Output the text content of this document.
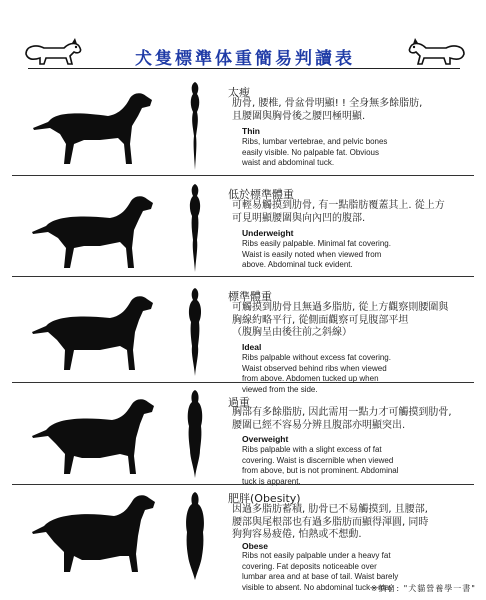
犬隻標準体重簡易判讀表
太瘦
肋骨, 腰椎, 骨盆骨明顯! ! 全身無多餘脂肪,
且腰圍與胸骨後之腰凹極明顯.
Thin
Ribs, lumbar vertebrae, and pelvic bones
easily visible. No palpable fat. Obvious
waist and abdominal tuck.
低於標準體重
可輕易觸摸到肋骨, 有一點脂肪覆蓋其上. 從上方
可見明顯腰圍與向內凹的腹部.
Underweight
Ribs easily palpable. Minimal fat covering.
Waist is easily noted when viewed from
above. Abdominal tuck evident.
標準體重
可觸摸到肋骨且無過多脂肪, 從上方觀察則腰圍與
胸線約略平行, 從側面觀察可見腹部平坦
（腹胸呈由後往前之斜線）
Ideal
Ribs palpable without excess fat covering.
Waist observed behind ribs when viewed
from above. Abdomen tucked up when
viewed from the side.
過重
胸部有多餘脂肪, 因此需用一點力才可觸摸到肋骨,
腰圍已經不容易分辨且腹部亦明顯突出.
Overweight
Ribs palpable with a slight excess of fat
covering. Waist is discernible when viewed
from above, but is not prominent. Abdominal
tuck is apparent.
肥胖(Obesity)
因過多脂肪蓄積, 肋骨已不易觸摸到, 且腰部,
腰部與尾根部也有過多脂肪而顯得渾圓, 同時
狗狗容易疲倦, 怕熱或不想動.
Obese
Ribs not easily palpable under a heavy fat
covering. Fat deposits noticeable over
lumbar area and at base of tail. Waist barely
visible to absent. No abdominal tuck—may
※摘自: "犬貓營養學一書"
